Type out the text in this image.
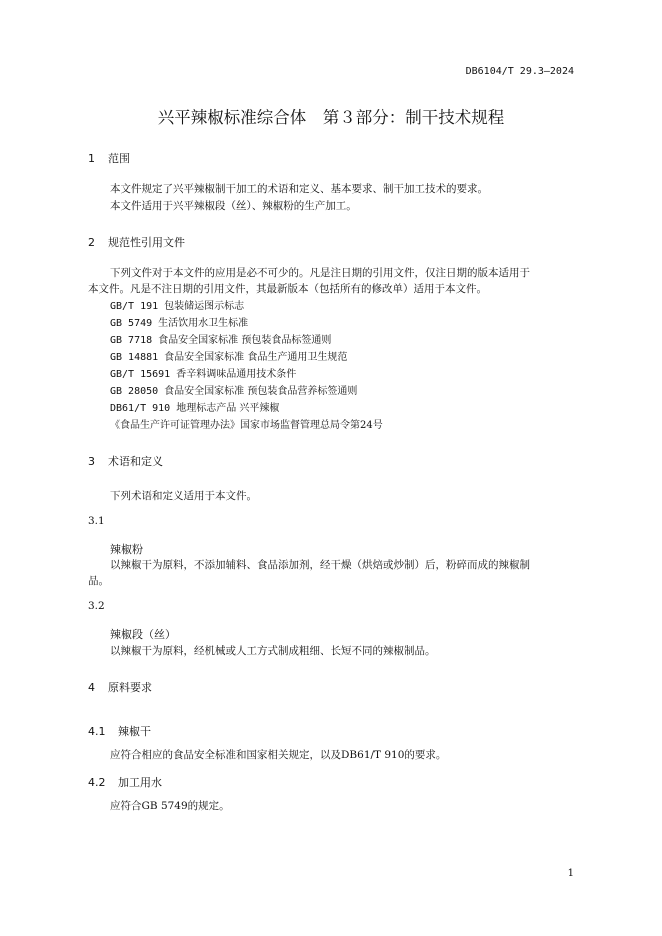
DB6104/T 29.3—2024
兴平辣椒标准综合体　第３部分：制干技术规程
1 范围
本文件规定了兴平辣椒制干加工的术语和定义、基本要求、制干加工技术的要求。
本文件适用于兴平辣椒段（丝）、辣椒粉的生产加工。
2 规范性引用文件
下列文件对于本文件的应用是必不可少的。凡是注日期的引用文件，仅注日期的版本适用于
本文件。凡是不注日期的引用文件，其最新版本（包括所有的修改单）适用于本文件。
GB/T 191 包装储运图示标志
GB 5749 生活饮用水卫生标准
GB 7718 食品安全国家标准 预包装食品标签通则
GB 14881 食品安全国家标准 食品生产通用卫生规范
GB/T 15691 香辛料调味品通用技术条件
GB 28050 食品安全国家标准 预包装食品营养标签通则
DB61/T 910 地理标志产品 兴平辣椒
《食品生产许可证管理办法》国家市场监督管理总局令第24号
3 术语和定义
下列术语和定义适用于本文件。
3.1
辣椒粉
以辣椒干为原料，不添加辅料、食品添加剂，经干燥（烘焙或炒制）后，粉碎而成的辣椒制
品。
3.2
辣椒段（丝）
以辣椒干为原料，经机械或人工方式制成粗细、长短不同的辣椒制品。
4 原料要求
4.1 辣椒干
应符合相应的食品安全标准和国家相关规定，以及DB61/T 910的要求。
4.2 加工用水
应符合GB 5749的规定。
1
